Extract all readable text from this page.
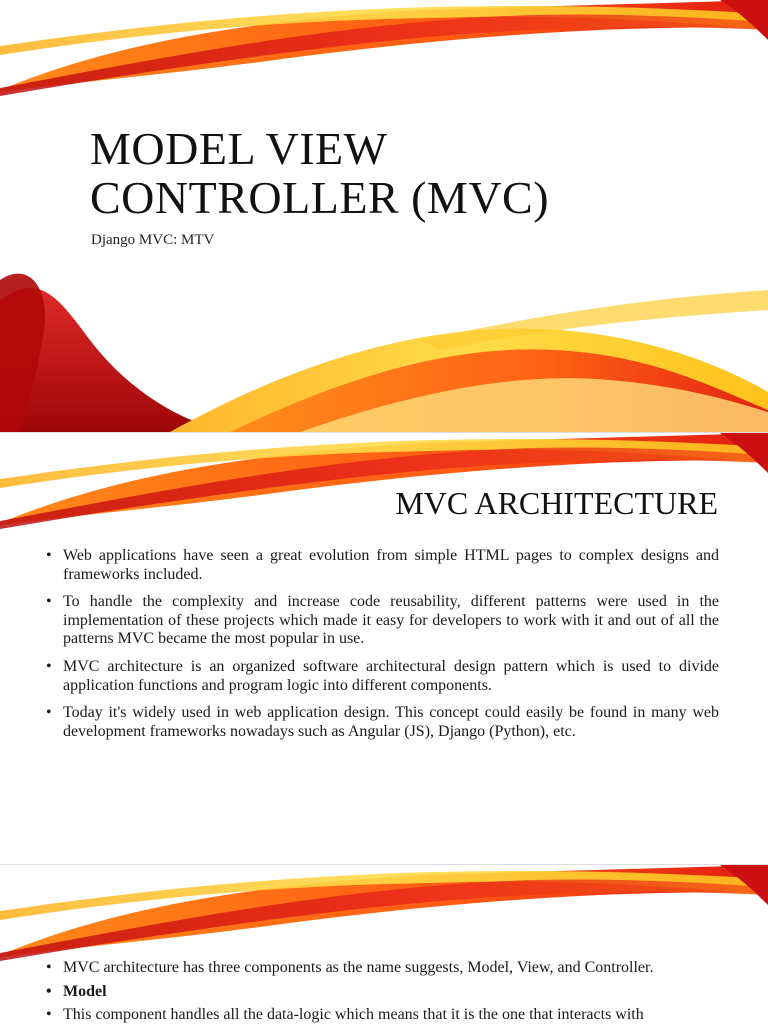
MODEL VIEW
CONTROLLER (MVC)
Django MVC: MTV
MVC ARCHITECTURE
• Web applications have seen a great evolution from simple HTML pages to complex designs and frameworks included.
• To handle the complexity and increase code reusability, different patterns were used in the implementation of these projects which made it easy for developers to work with it and out of all the patterns MVC became the most popular in use.
• MVC architecture is an organized software architectural design pattern which is used to divide application functions and program logic into different components.
• Today it's widely used in web application design. This concept could easily be found in many web development frameworks nowadays such as Angular (JS), Django (Python), etc.
• MVC architecture has three components as the name suggests, Model, View, and Controller.
• Model
• This component handles all the data-logic which means that it is the one that interacts with
